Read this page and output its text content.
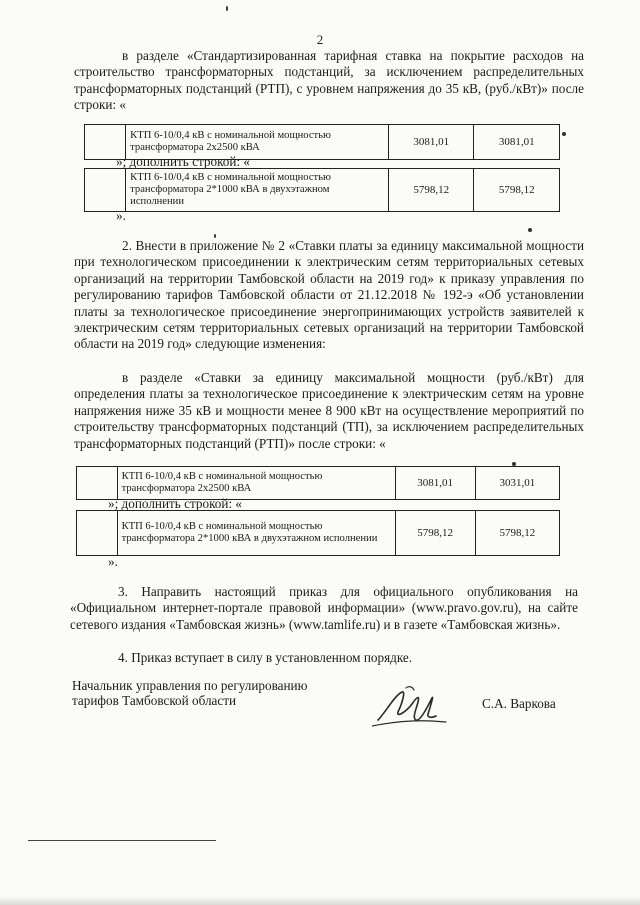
2
в разделе «Стандартизированная тарифная ставка на покрытие расходов на строительство трансформаторных подстанций, за исключением распределительных трансформаторных подстанций (РТП), с уровнем напряжения до 35 кВ, (руб./кВт)» после строки: «
	КТП 6-10/0,4 кВ с номинальной мощностью трансформатора 2х2500 кВА	3081,01	3081,01
»; дополнить строкой: «
	КТП 6-10/0,4 кВ с номинальной мощностью трансформатора 2*1000 кВА в двухэтажном исполнении	5798,12	5798,12
».
2. Внести в приложение № 2 «Ставки платы за единицу максимальной мощности при технологическом присоединении к электрическим сетям территориальных сетевых организаций на территории Тамбовской области на 2019 год» к приказу управления по регулированию тарифов Тамбовской области от 21.12.2018 № 192-э «Об установлении платы за технологическое присоединение энергопринимающих устройств заявителей к электрическим сетям территориальных сетевых организаций на территории Тамбовской области на 2019 год» следующие изменения:
в разделе «Ставки за единицу максимальной мощности (руб./кВт) для определения платы за технологическое присоединение к электрическим сетям на уровне напряжения ниже 35 кВ и мощности менее 8 900 кВт на осуществление мероприятий по строительству трансформаторных подстанций (ТП), за исключением распределительных трансформаторных подстанций (РТП)» после строки: «
	КТП 6-10/0,4 кВ с номинальной мощностью трансформатора 2х2500 кВА	3081,01	3031,01
»; дополнить строкой: «
	КТП 6-10/0,4 кВ с номинальной мощностью трансформатора 2*1000 кВА в двухэтажном исполнении	5798,12	5798,12
».
3. Направить настоящий приказ для официального опубликования на «Официальном интернет-портале правовой информации» (www.pravo.gov.ru), на сайте сетевого издания «Тамбовская жизнь» (www.tamlife.ru) и в газете «Тамбовская жизнь».
4. Приказ вступает в силу в установленном порядке.
Начальник управления по регулированию
тарифов Тамбовской области	С.А. Варкова
